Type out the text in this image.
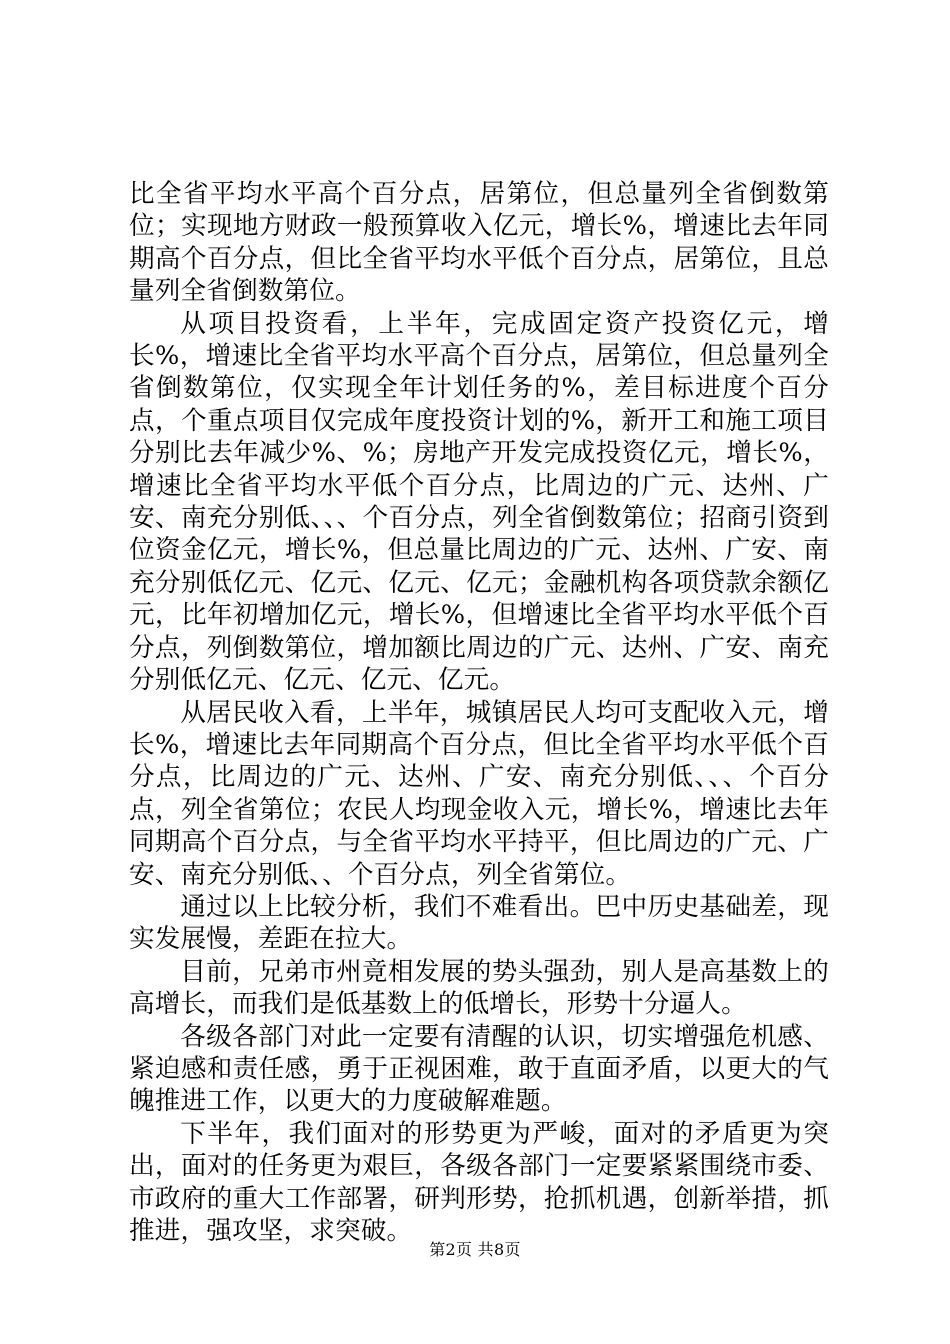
比全省平均水平高个百分点，居第位，但总量列全省倒数第位；实现地方财政一般预算收入亿元，增长%，增速比去年同期高个百分点，但比全省平均水平低个百分点，居第位，且总量列全省倒数第位。

从项目投资看，上半年，完成固定资产投资亿元，增长%，增速比全省平均水平高个百分点，居第位，但总量列全省倒数第位，仅实现全年计划任务的%，差目标进度个百分点，个重点项目仅完成年度投资计划的%，新开工和施工项目分别比去年减少%、%；房地产开发完成投资亿元，增长%，增速比全省平均水平低个百分点，比周边的广元、达州、广安、南充分别低、、、个百分点，列全省倒数第位；招商引资到位资金亿元，增长%，但总量比周边的广元、达州、广安、南充分别低亿元、亿元、亿元、亿元；金融机构各项贷款余额亿元，比年初增加亿元，增长%，但增速比全省平均水平低个百分点，列倒数第位，增加额比周边的广元、达州、广安、南充分别低亿元、亿元、亿元、亿元。

从居民收入看，上半年，城镇居民人均可支配收入元，增长%，增速比去年同期高个百分点，但比全省平均水平低个百分点，比周边的广元、达州、广安、南充分别低、、、个百分点，列全省第位；农民人均现金收入元，增长%，增速比去年同期高个百分点，与全省平均水平持平，但比周边的广元、广安、南充分别低、、个百分点，列全省第位。

通过以上比较分析，我们不难看出。巴中历史基础差，现实发展慢，差距在拉大。

目前，兄弟市州竟相发展的势头强劲，别人是高基数上的高增长，而我们是低基数上的低增长，形势十分逼人。

各级各部门对此一定要有清醒的认识，切实增强危机感、紧迫感和责任感，勇于正视困难，敢于直面矛盾，以更大的气魄推进工作，以更大的力度破解难题。

下半年，我们面对的形势更为严峻，面对的矛盾更为突出，面对的任务更为艰巨，各级各部门一定要紧紧围绕市委、市政府的重大工作部署，研判形势，抢抓机遇，创新举措，抓推进，强攻坚，求突破。

第2页 共8页
